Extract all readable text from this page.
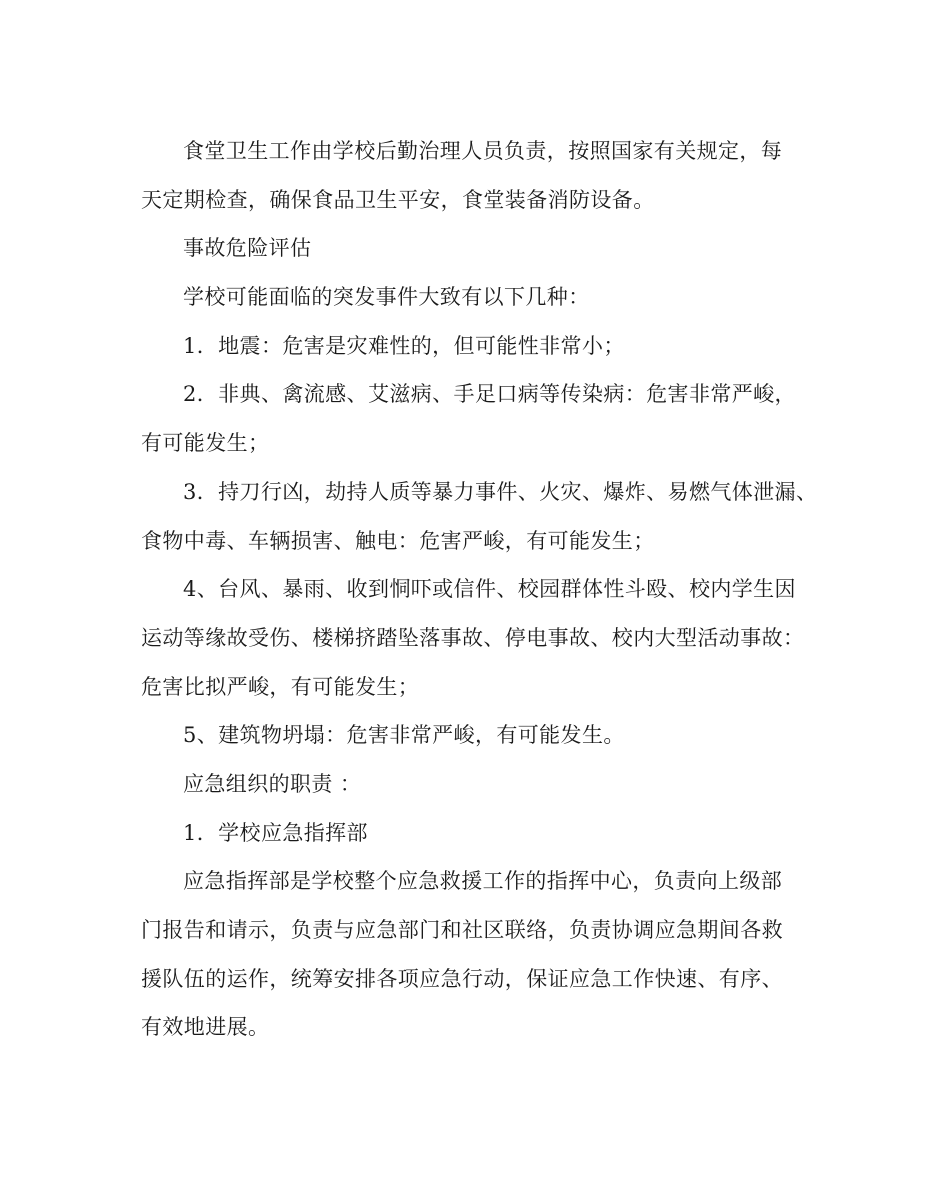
食堂卫生工作由学校后勤治理人员负责，按照国家有关规定，每
天定期检查，确保食品卫生平安，食堂装备消防设备。
事故危险评估
学校可能面临的突发事件大致有以下几种：
1．地震：危害是灾难性的，但可能性非常小；
2．非典、禽流感、艾滋病、手足口病等传染病：危害非常严峻，
有可能发生；
3．持刀行凶，劫持人质等暴力事件、火灾、爆炸、易燃气体泄漏、
食物中毒、车辆损害、触电：危害严峻，有可能发生；
4、台风、暴雨、收到恫吓或信件、校园群体性斗殴、校内学生因
运动等缘故受伤、楼梯挤踏坠落事故、停电事故、校内大型活动事故：
危害比拟严峻，有可能发生；
5、建筑物坍塌：危害非常严峻，有可能发生。
应急组织的职责 ：
1．学校应急指挥部
应急指挥部是学校整个应急救援工作的指挥中心，负责向上级部
门报告和请示，负责与应急部门和社区联络，负责协调应急期间各救
援队伍的运作，统筹安排各项应急行动，保证应急工作快速、有序、
有效地进展。
